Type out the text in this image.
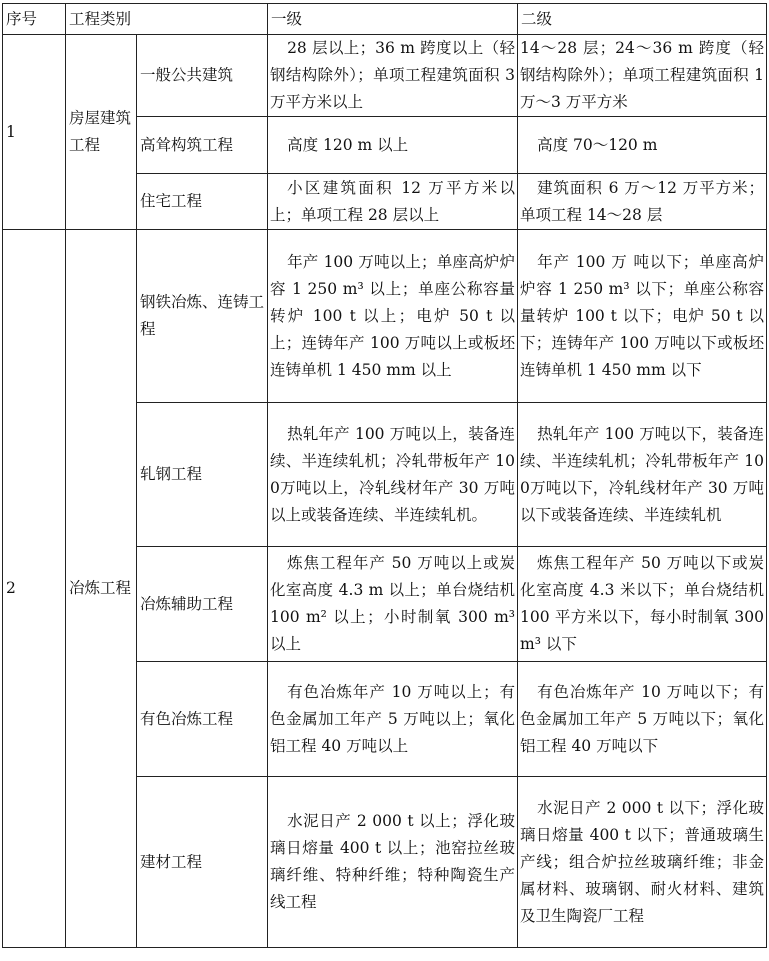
序号	工程类别		一级	二级
1	房屋建筑工程	一般公共建筑	28 层以上；36 m 跨度以上（轻钢结构除外）；单项工程建筑面积 3 万平方米以上	14～28 层；24～36 m 跨度（轻钢结构除外）；单项工程建筑面积 1 万～3 万平方米
		高耸构筑工程	高度 120 m 以上	高度 70～120 m
		住宅工程	小区建筑面积 12 万平方米以上；单项工程 28 层以上	建筑面积 6 万～12 万平方米；单项工程 14～28 层
2	冶炼工程	钢铁冶炼、连铸工程	年产 100 万吨以上；单座高炉炉容 1 250 m³ 以上；单座公称容量转炉 100 t 以上；电炉 50 t 以上；连铸年产 100 万吨以上或板坯连铸单机 1 450 mm 以上	年产 100 万 吨以下；单座高炉炉容 1 250 m³ 以下；单座公称容量转炉 100 t 以下；电炉 50 t 以下；连铸年产 100 万吨以下或板坯连铸单机 1 450 mm 以下
		轧钢工程	热轧年产 100 万吨以上，装备连续、半连续轧机；冷轧带板年产 100万吨以上，冷轧线材年产 30 万吨以上或装备连续、半连续轧机。	热轧年产 100 万吨以下，装备连续、半连续轧机；冷轧带板年产 100万吨以下，冷轧线材年产 30 万吨以下或装备连续、半连续轧机
		冶炼辅助工程	炼焦工程年产 50 万吨以上或炭化室高度 4.3 m 以上；单台烧结机 100 m² 以上；小时制氧 300 m³ 以上	炼焦工程年产 50 万吨以下或炭化室高度 4.3 米以下；单台烧结机 100 平方米以下，每小时制氧 300 m³ 以下
		有色冶炼工程	有色冶炼年产 10 万吨以上；有色金属加工年产 5 万吨以上；氧化铝工程 40 万吨以上	有色冶炼年产 10 万吨以下；有色金属加工年产 5 万吨以下；氧化铝工程 40 万吨以下
		建材工程	水泥日产 2 000 t 以上；浮化玻璃日熔量 400 t 以上；池窑拉丝玻璃纤维、特种纤维；特种陶瓷生产线工程	水泥日产 2 000 t 以下；浮化玻璃日熔量 400 t 以下；普通玻璃生产线；组合炉拉丝玻璃纤维；非金属材料、玻璃钢、耐火材料、建筑及卫生陶瓷厂工程
